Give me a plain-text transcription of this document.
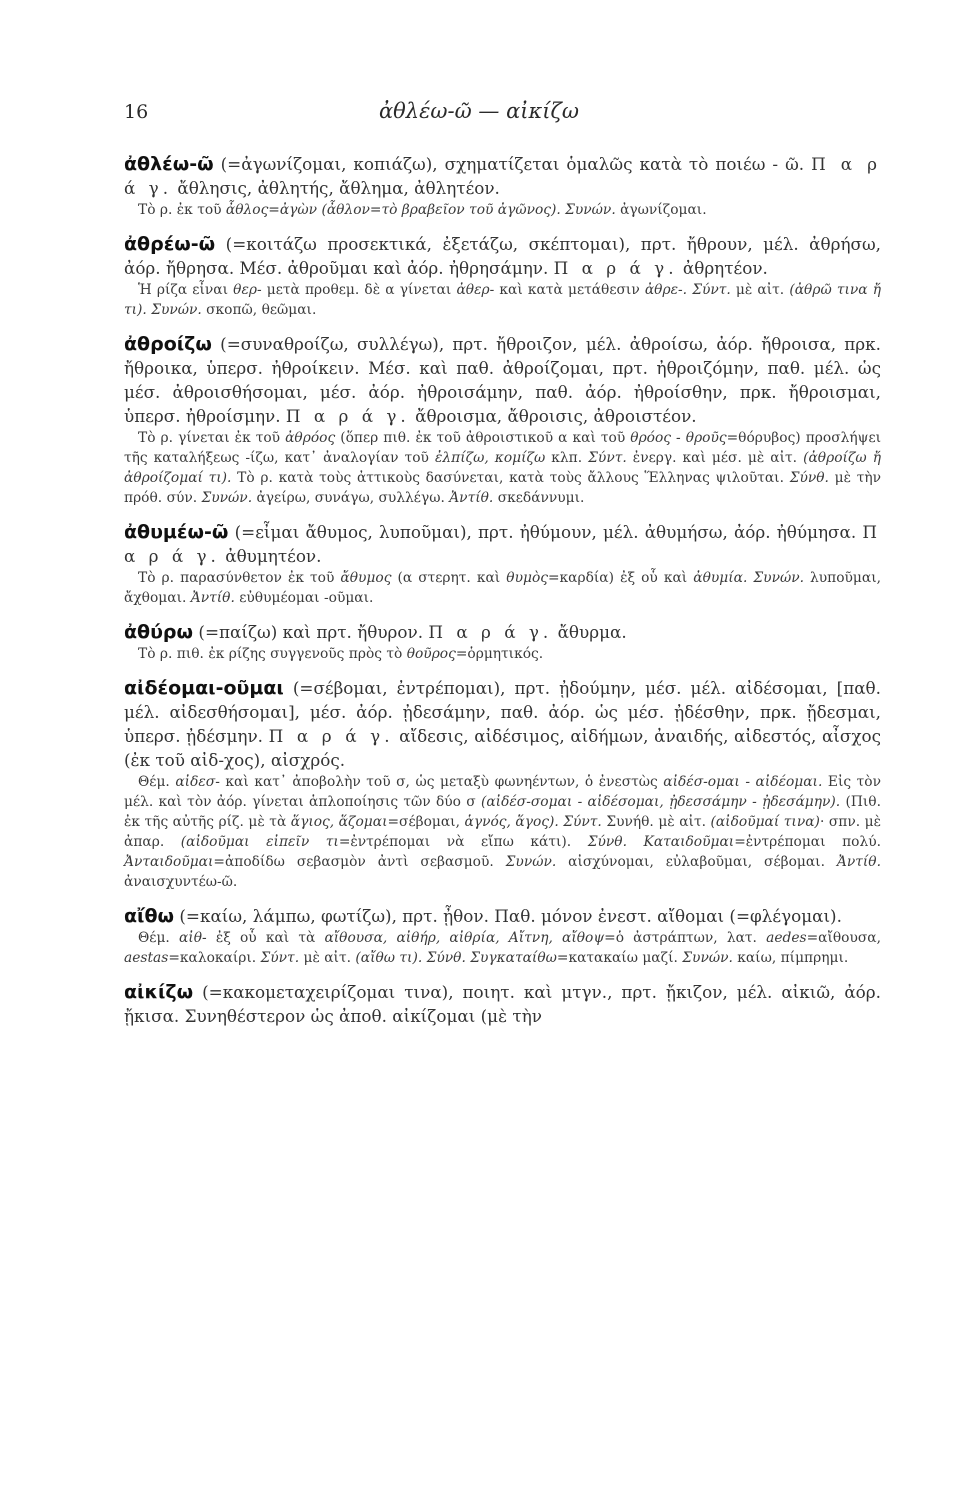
16	ἀθλέω-ῶ — αἰκίζω

ἀθλέω-ῶ (=ἀγωνίζομαι, κοπιάζω), σχηματίζεται ὁμαλῶς κατὰ τὸ ποιέω - ῶ. Π α ρ ά γ. ἄθλησις, ἀθλητής, ἄθλημα, ἀθλητέον.

Τὸ ρ. ἐκ τοῦ ἆθλος=ἀγὼν (ἆθλον=τὸ βραβεῖον τοῦ ἀγῶνος). Συνών. ἀγωνίζομαι.

ἀθρέω-ῶ (=κοιτάζω προσεκτικά, ἐξετάζω, σκέπτομαι), πρτ. ἤθρουν, μέλ. ἀθρήσω, ἀόρ. ἤθρησα. Μέσ. ἀθροῦμαι καὶ ἀόρ. ἠθρησάμην. Π α ρ ά γ. ἀθρητέον.

Ἡ ρίζα εἶναι θερ- μετὰ προθεμ. δὲ α γίνεται ἀθερ- καὶ κατὰ μετάθεσιν ἀθρε-. Σύντ. μὲ αἰτ. (ἀθρῶ τινα ἤ τι). Συνών. σκοπῶ, θεῶμαι.

ἀθροίζω (=συναθροίζω, συλλέγω), πρτ. ἤθροιζον, μέλ. ἀθροίσω, ἀόρ. ἤθροισα, πρκ. ἤθροικα, ὑπερσ. ἠθροίκειν. Μέσ. καὶ παθ. ἀθροίζομαι, πρτ. ἠθροιζόμην, παθ. μέλ. ὡς μέσ. ἀθροισθήσομαι, μέσ. ἀόρ. ἠθροισάμην, παθ. ἀόρ. ἠθροίσθην, πρκ. ἤθροισμαι, ὑπερσ. ἠθροίσμην. Π α ρ ά γ. ἄθροισμα, ἄθροισις, ἀθροιστέον.

Τὸ ρ. γίνεται ἐκ τοῦ ἀθρόος (ὅπερ πιθ. ἐκ τοῦ ἀθροιστικοῦ α καὶ τοῦ θρόος - θροῦς=θόρυβος) προσλήψει τῆς καταλήξεως -ίζω, κατ᾽ ἀναλογίαν τοῦ ἐλπίζω, κομίζω κλπ. Σύντ. ἐνεργ. καὶ μέσ. μὲ αἰτ. (ἀθροίζω ἤ ἀθροίζομαί τι). Τὸ ρ. κατὰ τοὺς ἀττικοὺς δασύνεται, κατὰ τοὺς ἄλλους Ἕλληνας ψιλοῦται. Σύνθ. μὲ τὴν πρόθ. σύν. Συνών. ἀγείρω, συνάγω, συλλέγω. Ἀντίθ. σκεδάννυμι.

ἀθυμέω-ῶ (=εἶμαι ἄθυμος, λυποῦμαι), πρτ. ἠθύμουν, μέλ. ἀθυμήσω, ἀόρ. ἠθύμησα. Π α ρ ά γ. ἀθυμητέον.

Τὸ ρ. παρασύνθετον ἐκ τοῦ ἄθυμος (α στερητ. καὶ θυμὸς=καρδία) ἐξ οὗ καὶ ἀθυμία. Συνών. λυποῦμαι, ἄχθομαι. Ἀντίθ. εὐθυμέομαι -οῦμαι.

ἀθύρω (=παίζω) καὶ πρτ. ἤθυρον. Π α ρ ά γ. ἄθυρμα.

Τὸ ρ. πιθ. ἐκ ρίζης συγγενοῦς πρὸς τὸ θοῦρος=ὁρμητικός.

αἰδέομαι-οῦμαι (=σέβομαι, ἐντρέπομαι), πρτ. ᾐδούμην, μέσ. μέλ. αἰδέσομαι, [παθ. μέλ. αἰδεσθήσομαι], μέσ. ἀόρ. ᾐδεσάμην, παθ. ἀόρ. ὡς μέσ. ᾐδέσθην, πρκ. ᾔδεσμαι, ὑπερσ. ᾐδέσμην. Π α ρ ά γ. αἴδεσις, αἰδέσιμος, αἰδήμων, ἀναιδής, αἰδεστός, αἶσχος (ἐκ τοῦ αἰδ-χος), αἰσχρός.

Θέμ. αἰδεσ- καὶ κατ᾽ ἀποβολὴν τοῦ σ, ὡς μεταξὺ φωνηέντων, ὁ ἐνεστὼς αἰδέσ-ομαι - αἰδέομαι. Εἰς τὸν μέλ. καὶ τὸν ἀόρ. γίνεται ἁπλοποίησις τῶν δύο σ (αἰδέσ-σομαι - αἰδέσομαι, ᾐδεσσάμην - ᾐδεσάμην). (Πιθ. ἐκ τῆς αὐτῆς ρίζ. μὲ τὰ ἅγιος, ἅζομαι=σέβομαι, ἁγνός, ἅγος). Σύντ. Συνήθ. μὲ αἰτ. (αἰδοῦμαί τινα)· σπν. μὲ ἀπαρ. (αἰδοῦμαι εἰπεῖν τι=ἐντρέπομαι νὰ εἴπω κάτι). Σύνθ. Καταιδοῦμαι=ἐντρέπομαι πολύ. Ἀνταιδοῦμαι=ἀποδίδω σεβασμὸν ἀντὶ σεβασμοῦ. Συνών. αἰσχύνομαι, εὐλαβοῦμαι, σέβομαι. Ἀντίθ. ἀναισχυντέω-ῶ.

αἴθω (=καίω, λάμπω, φωτίζω), πρτ. ᾖθον. Παθ. μόνον ἐνεστ. αἴθομαι (=φλέγομαι).

Θέμ. αἰθ- ἐξ οὗ καὶ τὰ αἴθουσα, αἰθήρ, αἰθρία, Αἴτνη, αἴθοψ=ὁ ἀστράπτων, λατ. aedes=αἴθουσα, aestas=καλοκαίρι. Σύντ. μὲ αἰτ. (αἴθω τι). Σύνθ. Συγκαταίθω=κατακαίω μαζί. Συνών. καίω, πίμπρημι.

αἰκίζω (=κακομεταχειρίζομαι τινα), ποιητ. καὶ μτγν., πρτ. ᾔκιζον, μέλ. αἰκιῶ, ἀόρ. ᾔκισα. Συνηθέστερον ὡς ἀποθ. αἰκίζομαι (μὲ τὴν
